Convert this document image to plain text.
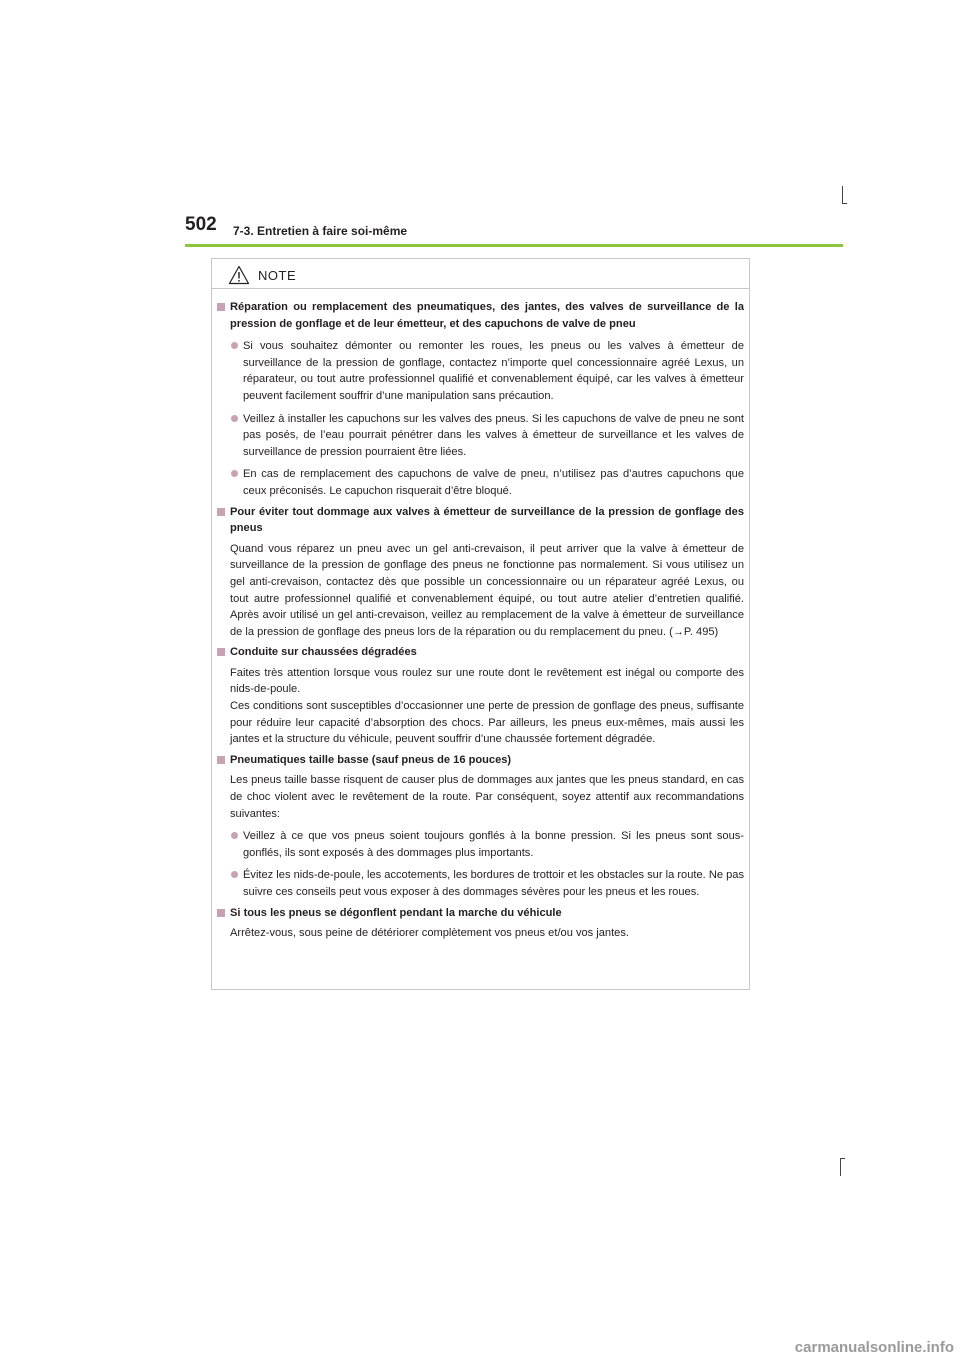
502 7-3. Entretien à faire soi-même
NOTE
Réparation ou remplacement des pneumatiques, des jantes, des valves de surveillance de la pression de gonflage et de leur émetteur, et des capuchons de valve de pneu
Si vous souhaitez démonter ou remonter les roues, les pneus ou les valves à émetteur de surveillance de la pression de gonflage, contactez n’importe quel concessionnaire agréé Lexus, un réparateur, ou tout autre professionnel qualifié et convenablement équipé, car les valves à émetteur peuvent facilement souffrir d’une manipulation sans précaution.
Veillez à installer les capuchons sur les valves des pneus. Si les capuchons de valve de pneu ne sont pas posés, de l’eau pourrait pénétrer dans les valves à émetteur de surveillance et les valves de surveillance de pression pourraient être liées.
En cas de remplacement des capuchons de valve de pneu, n’utilisez pas d’autres capuchons que ceux préconisés. Le capuchon risquerait d’être bloqué.
Pour éviter tout dommage aux valves à émetteur de surveillance de la pression de gonflage des pneus
Quand vous réparez un pneu avec un gel anti-crevaison, il peut arriver que la valve à émetteur de surveillance de la pression de gonflage des pneus ne fonctionne pas normalement. Si vous utilisez un gel anti-crevaison, contactez dès que possible un concessionnaire ou un réparateur agréé Lexus, ou tout autre professionnel qualifié et convenablement équipé, ou tout autre atelier d’entretien qualifié. Après avoir utilisé un gel anti-crevaison, veillez au remplacement de la valve à émetteur de surveillance de la pression de gonflage des pneus lors de la réparation ou du remplacement du pneu. (→P. 495)
Conduite sur chaussées dégradées
Faites très attention lorsque vous roulez sur une route dont le revêtement est inégal ou comporte des nids-de-poule.
Ces conditions sont susceptibles d’occasionner une perte de pression de gonflage des pneus, suffisante pour réduire leur capacité d’absorption des chocs. Par ailleurs, les pneus eux-mêmes, mais aussi les jantes et la structure du véhicule, peuvent souffrir d’une chaussée fortement dégradée.
Pneumatiques taille basse (sauf pneus de 16 pouces)
Les pneus taille basse risquent de causer plus de dommages aux jantes que les pneus standard, en cas de choc violent avec le revêtement de la route. Par conséquent, soyez attentif aux recommandations suivantes:
Veillez à ce que vos pneus soient toujours gonflés à la bonne pression. Si les pneus sont sous-gonflés, ils sont exposés à des dommages plus importants.
Évitez les nids-de-poule, les accotements, les bordures de trottoir et les obstacles sur la route. Ne pas suivre ces conseils peut vous exposer à des dommages sévères pour les pneus et les roues.
Si tous les pneus se dégonflent pendant la marche du véhicule
Arrêtez-vous, sous peine de détériorer complètement vos pneus et/ou vos jantes.
carmanualsonline.info
